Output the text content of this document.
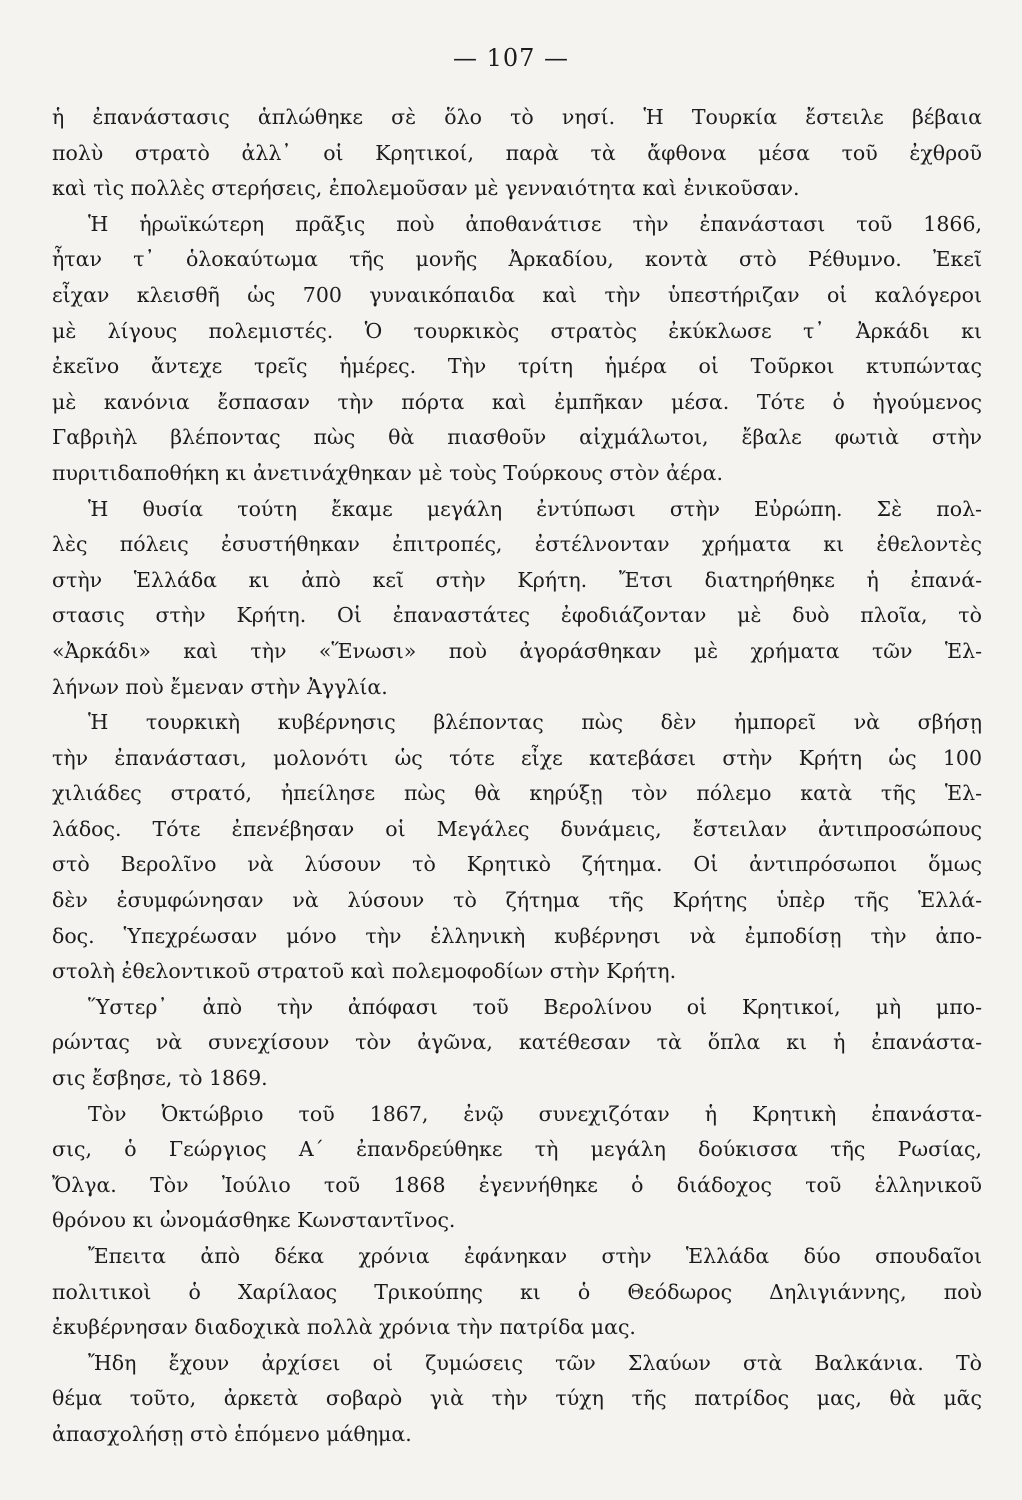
— 107 —
ἡ ἐπανάστασις ἁπλώθηκε σὲ ὅλο τὸ νησί. Ἡ Τουρκία ἔστειλε βέβαια
πολὺ στρατὸ ἀλλ᾿ οἱ Κρητικοί, παρὰ τὰ ἄφθονα μέσα τοῦ ἐχθροῦ
καὶ τὶς πολλὲς στερήσεις, ἐπολεμοῦσαν μὲ γενναιότητα καὶ ἐνικοῦσαν.
Ἡ ἡρωϊκώτερη πρᾶξις ποὺ ἀποθανάτισε τὴν ἐπανάστασι τοῦ 1866,
ἦταν τ᾿ ὁλοκαύτωμα τῆς μονῆς Ἀρκαδίου, κοντὰ στὸ Ρέθυμνο. Ἐκεῖ
εἶχαν κλεισθῆ ὡς 700 γυναικόπαιδα καὶ τὴν ὑπεστήριζαν οἱ καλόγεροι
μὲ λίγους πολεμιστές. Ὁ τουρκικὸς στρατὸς ἐκύκλωσε τ᾿ Ἀρκάδι κι
ἐκεῖνο ἄντεχε τρεῖς ἡμέρες. Τὴν τρίτη ἡμέρα οἱ Τοῦρκοι κτυπώντας
μὲ κανόνια ἔσπασαν τὴν πόρτα καὶ ἐμπῆκαν μέσα. Τότε ὁ ἡγούμενος
Γαβριὴλ βλέποντας πὼς θὰ πιασθοῦν αἰχμάλωτοι, ἔβαλε φωτιὰ στὴν
πυριτιδαποθήκη κι ἀνετινάχθηκαν μὲ τοὺς Τούρκους στὸν ἀέρα.
Ἡ θυσία τούτη ἔκαμε μεγάλη ἐντύπωσι στὴν Εὐρώπη. Σὲ πολ-
λὲς πόλεις ἐσυστήθηκαν ἐπιτροπές, ἐστέλνονταν χρήματα κι ἐθελοντὲς
στὴν Ἑλλάδα κι ἀπὸ κεῖ στὴν Κρήτη. Ἔτσι διατηρήθηκε ἡ ἐπανά-
στασις στὴν Κρήτη. Οἱ ἐπαναστάτες ἐφοδιάζονταν μὲ δυὸ πλοῖα, τὸ
«Ἀρκάδι» καὶ τὴν «Ἕνωσι» ποὺ ἀγοράσθηκαν μὲ χρήματα τῶν Ἑλ-
λήνων ποὺ ἔμεναν στὴν Ἀγγλία.
Ἡ τουρκικὴ κυβέρνησις βλέποντας πὼς δὲν ἠμπορεῖ νὰ σβήσῃ
τὴν ἐπανάστασι, μολονότι ὡς τότε εἶχε κατεβάσει στὴν Κρήτη ὡς 100
χιλιάδες στρατό, ἠπείλησε πὼς θὰ κηρύξῃ τὸν πόλεμο κατὰ τῆς Ἑλ-
λάδος. Τότε ἐπενέβησαν οἱ Μεγάλες δυνάμεις, ἔστειλαν ἀντιπροσώπους
στὸ Βερολῖνο νὰ λύσουν τὸ Κρητικὸ ζήτημα. Οἱ ἀντιπρόσωποι ὅμως
δὲν ἐσυμφώνησαν νὰ λύσουν τὸ ζήτημα τῆς Κρήτης ὑπὲρ τῆς Ἑλλά-
δος. Ὑπεχρέωσαν μόνο τὴν ἑλληνικὴ κυβέρνησι νὰ ἐμποδίσῃ τὴν ἀπο-
στολὴ ἐθελοντικοῦ στρατοῦ καὶ πολεμοφοδίων στὴν Κρήτη.
Ὕστερ᾿ ἀπὸ τὴν ἀπόφασι τοῦ Βερολίνου οἱ Κρητικοί, μὴ μπο-
ρώντας νὰ συνεχίσουν τὸν ἀγῶνα, κατέθεσαν τὰ ὅπλα κι ἡ ἐπανάστα-
σις ἔσβησε, τὸ 1869.
Τὸν Ὀκτώβριο τοῦ 1867, ἐνῷ συνεχιζόταν ἡ Κρητικὴ ἐπανάστα-
σις, ὁ Γεώργιος Α´ ἐπανδρεύθηκε τὴ μεγάλη δούκισσα τῆς Ρωσίας,
Ὄλγα. Τὸν Ἰούλιο τοῦ 1868 ἐγεννήθηκε ὁ διάδοχος τοῦ ἑλληνικοῦ
θρόνου κι ὠνομάσθηκε Κωνσταντῖνος.
Ἔπειτα ἀπὸ δέκα χρόνια ἐφάνηκαν στὴν Ἑλλάδα δύο σπουδαῖοι
πολιτικοὶ ὁ Χαρίλαος Τρικούπης κι ὁ Θεόδωρος Δηλιγιάννης, ποὺ
ἐκυβέρνησαν διαδοχικὰ πολλὰ χρόνια τὴν πατρίδα μας.
Ἤδη ἔχουν ἀρχίσει οἱ ζυμώσεις τῶν Σλαύων στὰ Βαλκάνια. Τὸ
θέμα τοῦτο, ἀρκετὰ σοβαρὸ γιὰ τὴν τύχη τῆς πατρίδος μας, θὰ μᾶς
ἀπασχολήσῃ στὸ ἑπόμενο μάθημα.
